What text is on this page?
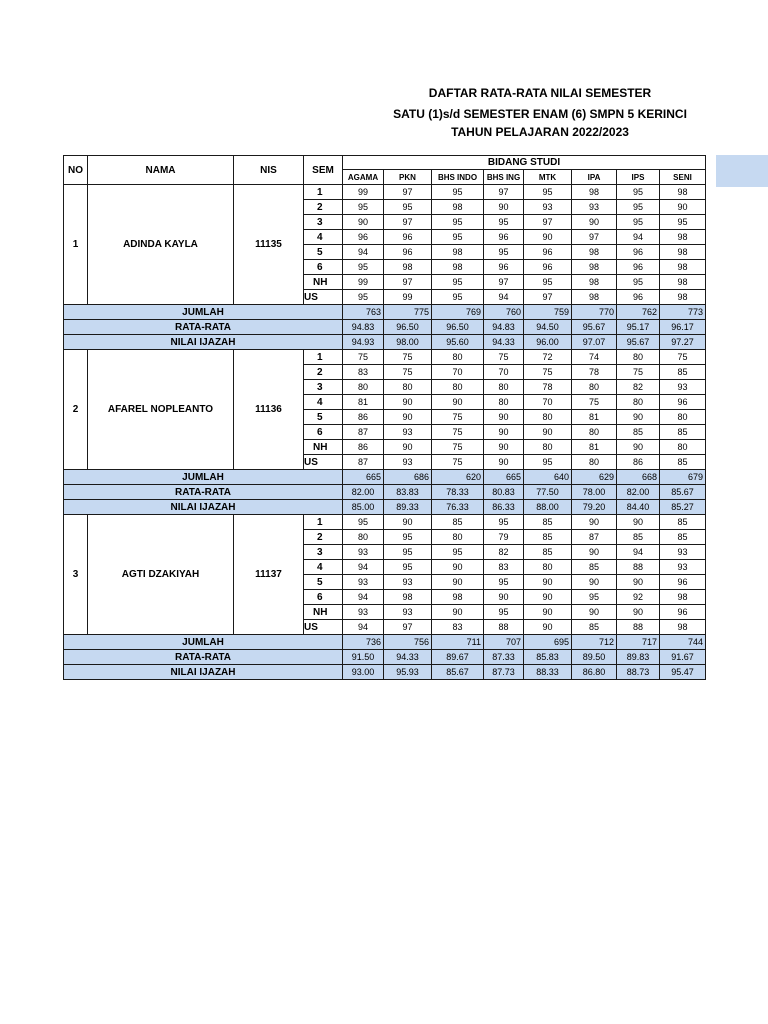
DAFTAR RATA-RATA NILAI SEMESTER
SATU (1)s/d SEMESTER ENAM (6) SMPN 5 KERINCI
TAHUN PELAJARAN 2022/2023
NO	NAMA	NIS	SEM	BIDANG STUDI							
				AGAMA	PKN	BHS INDO	BHS ING	MTK	IPA	IPS	SENI
1	ADINDA KAYLA	11135	1	99	97	95	97	95	98	95	98
			2	95	95	98	90	93	93	95	90
			3	90	97	95	95	97	90	95	95
			4	96	96	95	96	90	97	94	98
			5	94	96	98	95	96	98	96	98
			6	95	98	98	96	96	98	96	98
			NH	99	97	95	97	95	98	95	98
			US	95	99	95	94	97	98	96	98
JUMLAH				763	775	769	760	759	770	762	773
RATA-RATA				94.83	96.50	96.50	94.83	94.50	95.67	95.17	96.17
NILAI IJAZAH				94.93	98.00	95.60	94.33	96.00	97.07	95.67	97.27
2	AFAREL NOPLEANTO	11136	1	75	75	80	75	72	74	80	75
			2	83	75	70	70	75	78	75	85
			3	80	80	80	80	78	80	82	93
			4	81	90	90	80	70	75	80	96
			5	86	90	75	90	80	81	90	80
			6	87	93	75	90	90	80	85	85
			NH	86	90	75	90	80	81	90	80
			US	87	93	75	90	95	80	86	85
JUMLAH				665	686	620	665	640	629	668	679
RATA-RATA				82.00	83.83	78.33	80.83	77.50	78.00	82.00	85.67
NILAI IJAZAH				85.00	89.33	76.33	86.33	88.00	79.20	84.40	85.27
3	AGTI DZAKIYAH	11137	1	95	90	85	95	85	90	90	85
			2	80	95	80	79	85	87	85	85
			3	93	95	95	82	85	90	94	93
			4	94	95	90	83	80	85	88	93
			5	93	93	90	95	90	90	90	96
			6	94	98	98	90	90	95	92	98
			NH	93	93	90	95	90	90	90	96
			US	94	97	83	88	90	85	88	98
JUMLAH				736	756	711	707	695	712	717	744
RATA-RATA				91.50	94.33	89.67	87.33	85.83	89.50	89.83	91.67
NILAI IJAZAH				93.00	95.93	85.67	87.73	88.33	86.80	88.73	95.47
